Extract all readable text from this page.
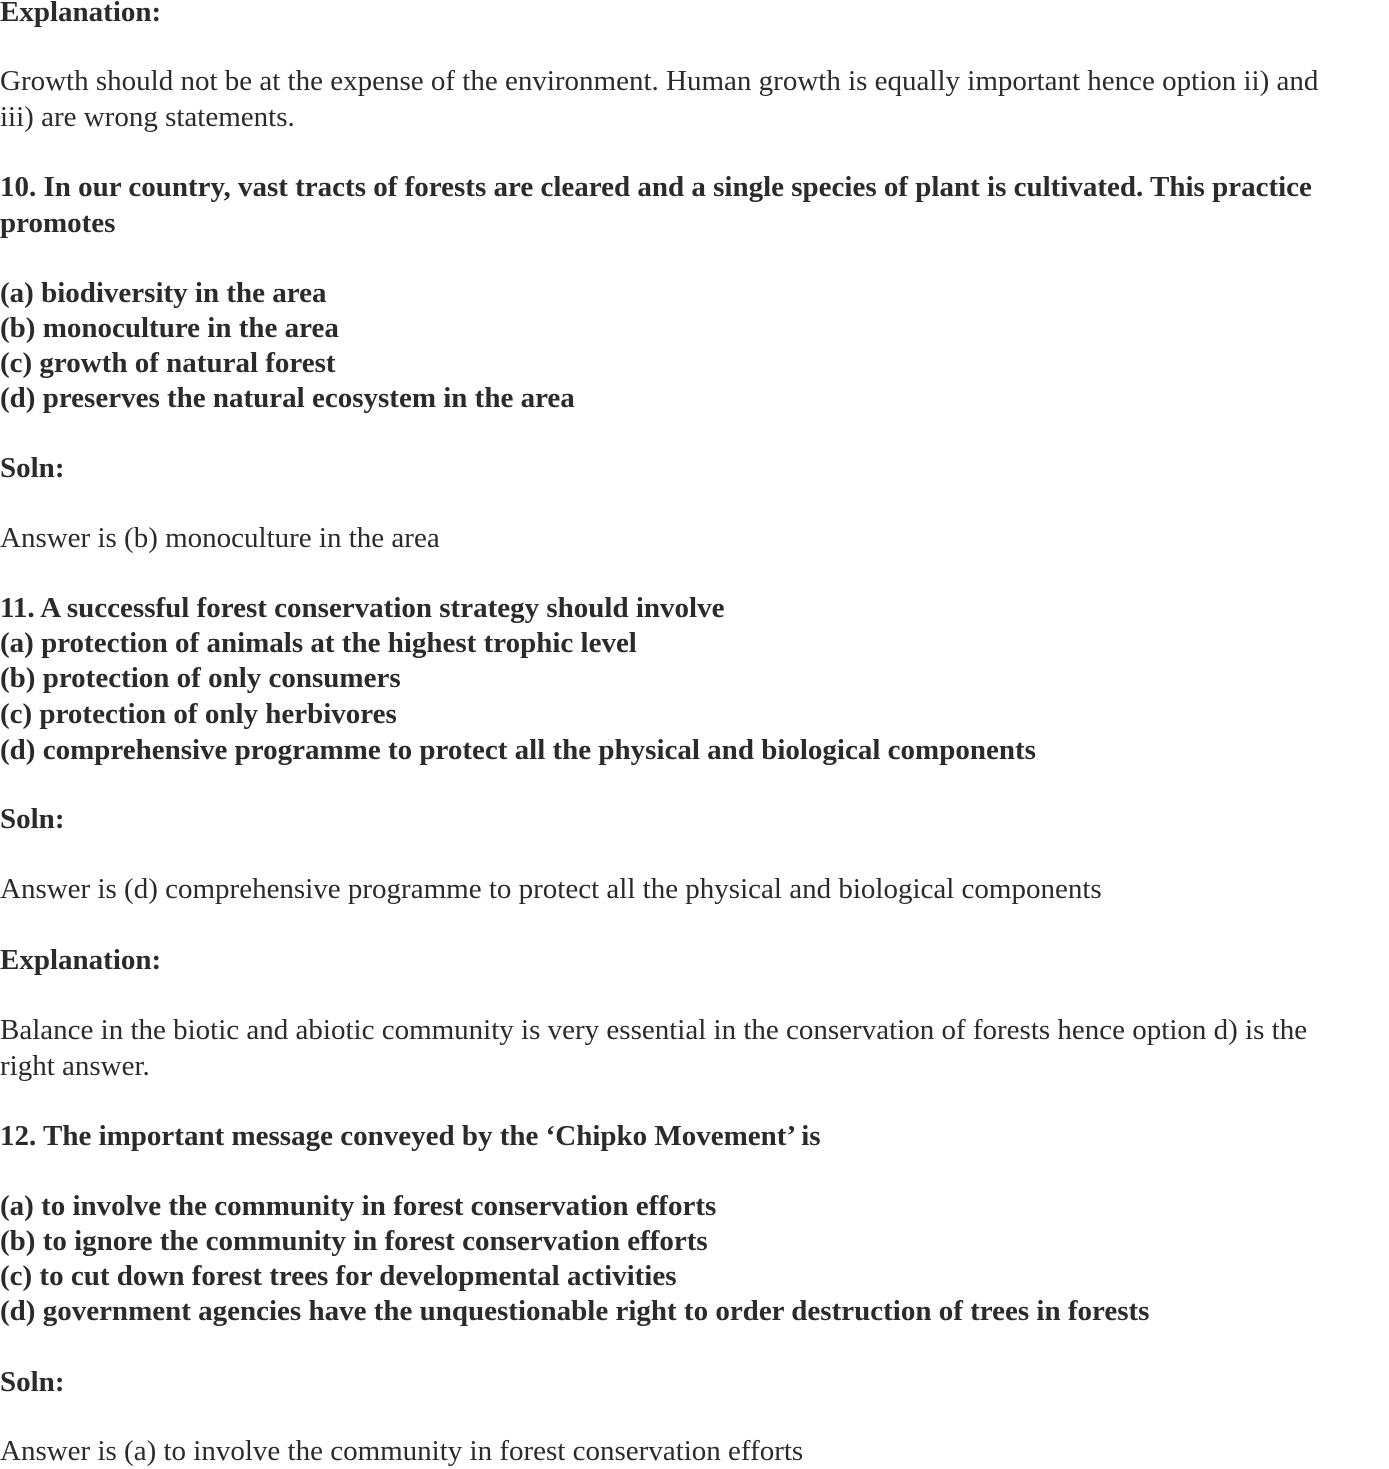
Explanation:

Growth should not be at the expense of the environment. Human growth is equally important hence option ii) and

iii) are wrong statements.

10. In our country, vast tracts of forests are cleared and a single species of plant is cultivated. This practice

promotes

(a) biodiversity in the area

(b) monoculture in the area

(c) growth of natural forest

(d) preserves the natural ecosystem in the area

Soln:

Answer is (b) monoculture in the area

11. A successful forest conservation strategy should involve

(a) protection of animals at the highest trophic level

(b) protection of only consumers

(c) protection of only herbivores

(d) comprehensive programme to protect all the physical and biological components

Soln:

Answer is (d) comprehensive programme to protect all the physical and biological components

Explanation:

Balance in the biotic and abiotic community is very essential in the conservation of forests hence option d) is the

right answer.

12. The important message conveyed by the ‘Chipko Movement’ is

(a) to involve the community in forest conservation efforts

(b) to ignore the community in forest conservation efforts

(c) to cut down forest trees for developmental activities

(d) government agencies have the unquestionable right to order destruction of trees in forests

Soln:

Answer is (a) to involve the community in forest conservation efforts
